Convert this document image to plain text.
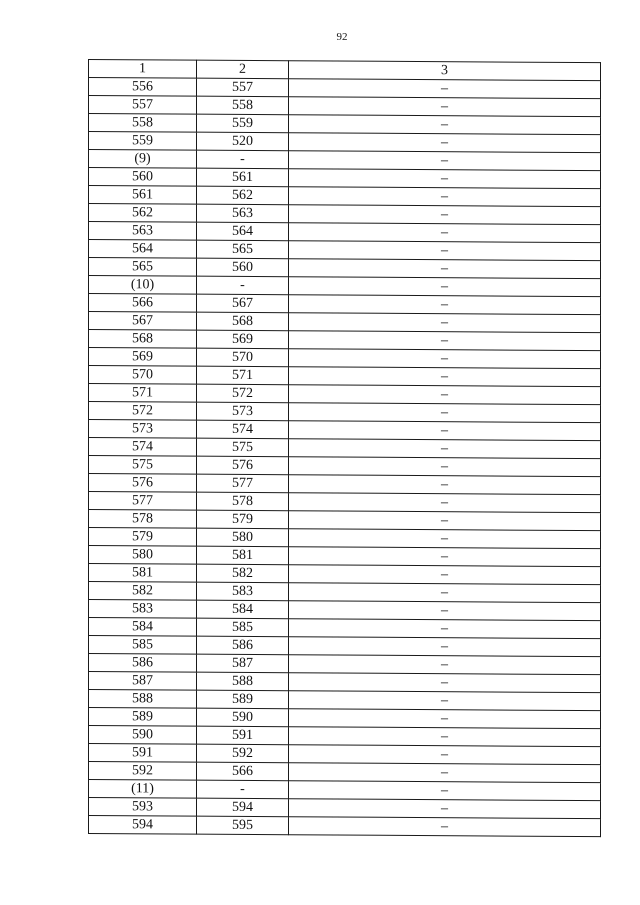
92
1	2	3
556	557	–
557	558	–
558	559	–
559	520	–
(9)	-	–
560	561	–
561	562	–
562	563	–
563	564	–
564	565	–
565	560	–
(10)	-	–
566	567	–
567	568	–
568	569	–
569	570	–
570	571	–
571	572	–
572	573	–
573	574	–
574	575	–
575	576	–
576	577	–
577	578	–
578	579	–
579	580	–
580	581	–
581	582	–
582	583	–
583	584	–
584	585	–
585	586	–
586	587	–
587	588	–
588	589	–
589	590	–
590	591	–
591	592	–
592	566	–
(11)	-	–
593	594	–
594	595	–
